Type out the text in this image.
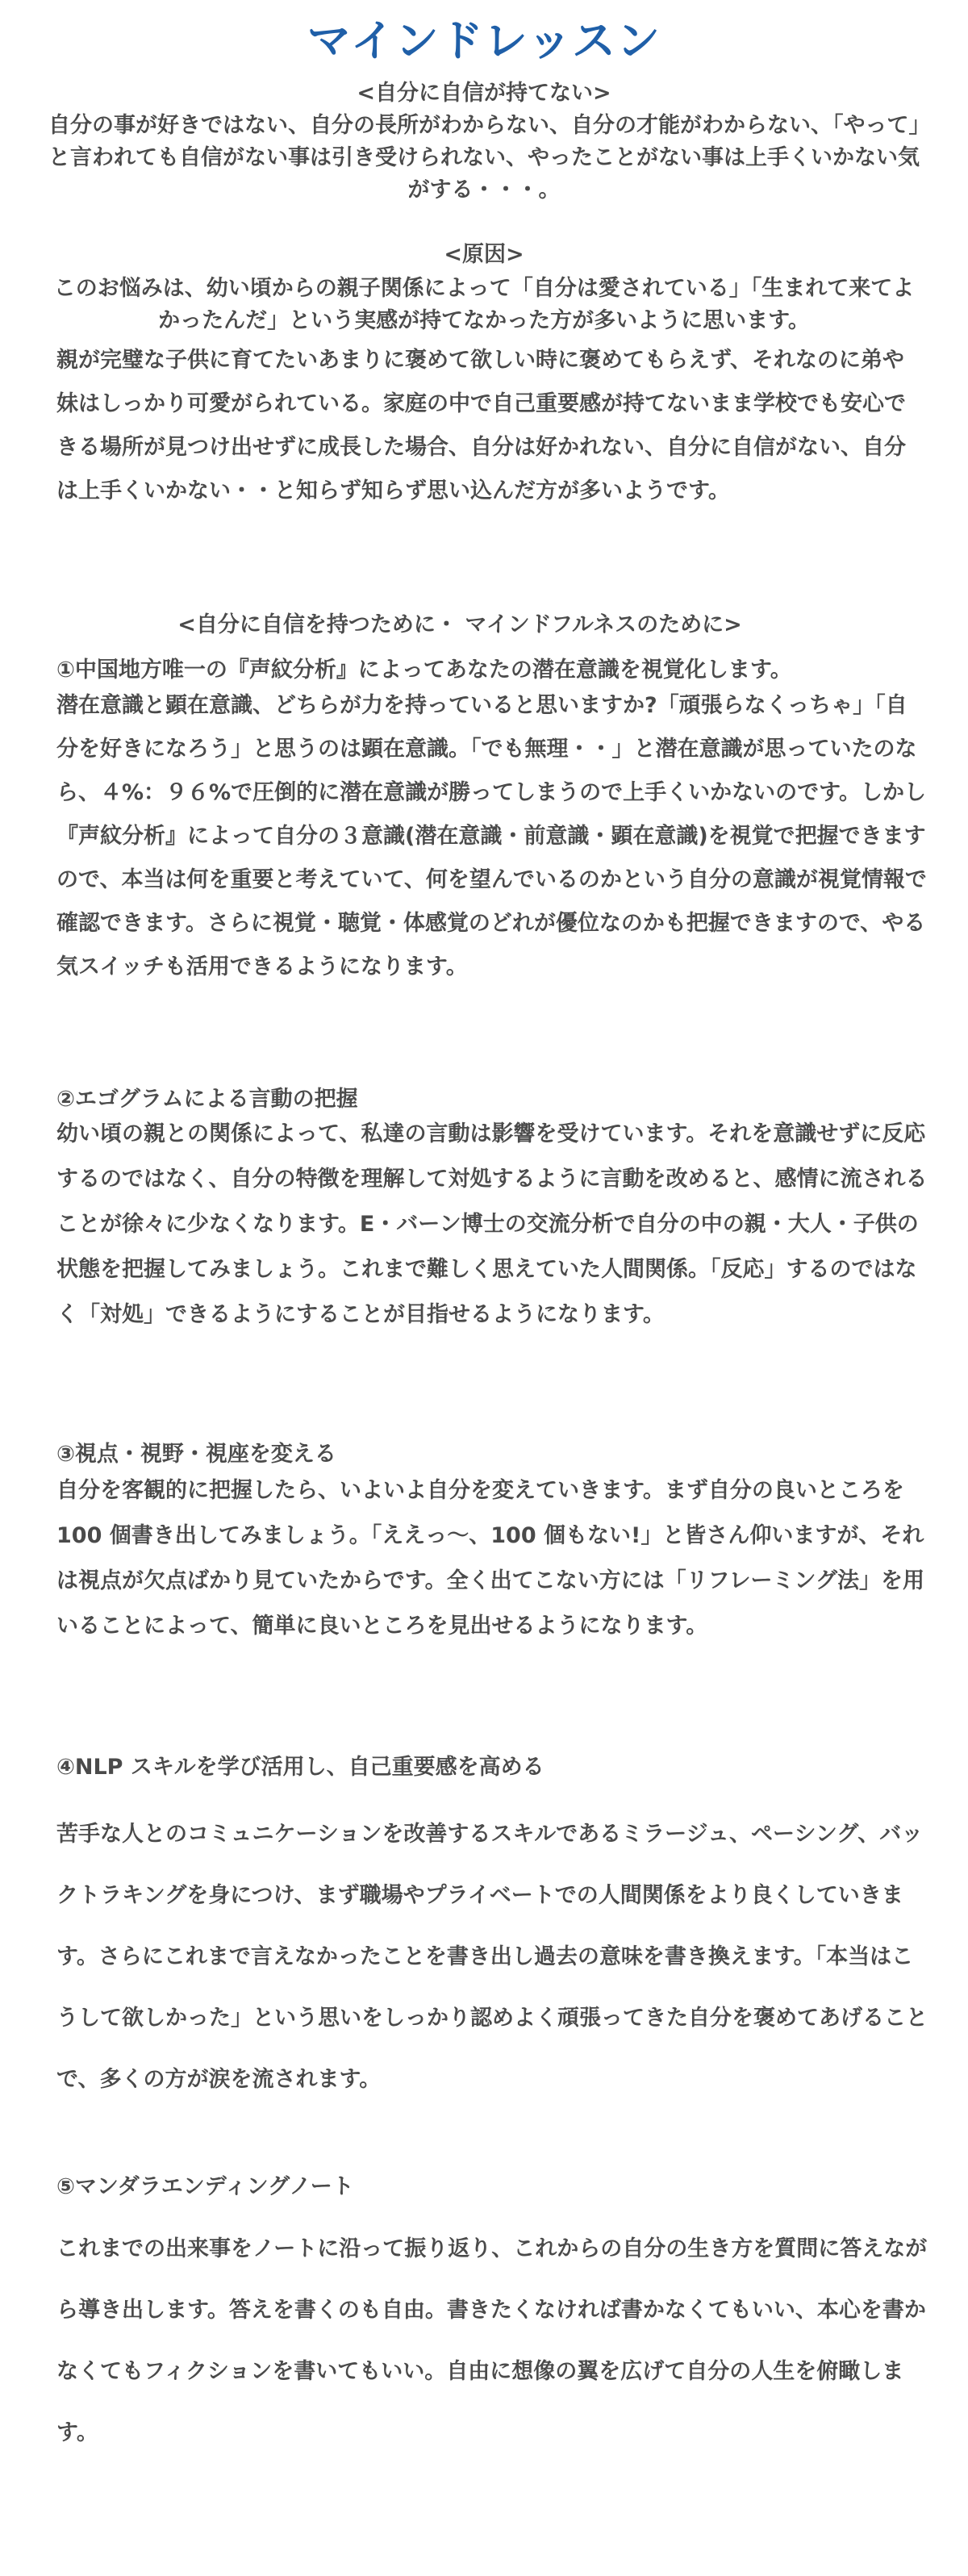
マインドレッスン

<自分に自信が持てない>

自分の事が好きではない、自分の長所がわからない、自分の才能がわからない、「やって」と言われても自信がない事は引き受けられない、やったことがない事は上手くいかない気がする・・・。

<原因>

このお悩みは、幼い頃からの親子関係によって「自分は愛されている」「生まれて来てよかったんだ」という実感が持てなかった方が多いように思います。

親が完璧な子供に育てたいあまりに褒めて欲しい時に褒めてもらえず、それなのに弟や妹はしっかり可愛がられている。家庭の中で自己重要感が持てないまま学校でも安心できる場所が見つけ出せずに成長した場合、自分は好かれない、自分に自信がない、自分は上手くいかない・・と知らず知らず思い込んだ方が多いようです。

<自分に自信を持つために・ マインドフルネスのために>

①中国地方唯一の『声紋分析』によってあなたの潜在意識を視覚化します。

潜在意識と顕在意識、どちらが力を持っていると思いますか?「頑張らなくっちゃ」「自分を好きになろう」と思うのは顕在意識。「でも無理・・」と潜在意識が思っていたのなら、４%：９６%で圧倒的に潜在意識が勝ってしまうので上手くいかないのです。しかし『声紋分析』によって自分の３意識(潜在意識・前意識・顕在意識)を視覚で把握できますので、本当は何を重要と考えていて、何を望んでいるのかという自分の意識が視覚情報で確認できます。さらに視覚・聴覚・体感覚のどれが優位なのかも把握できますので、やる気スイッチも活用できるようになります。

②エゴグラムによる言動の把握

幼い頃の親との関係によって、私達の言動は影響を受けています。それを意識せずに反応するのではなく、自分の特徴を理解して対処するように言動を改めると、感情に流されることが徐々に少なくなります。E・バーン博士の交流分析で自分の中の親・大人・子供の状態を把握してみましょう。これまで難しく思えていた人間関係。「反応」するのではなく「対処」できるようにすることが目指せるようになります。

③視点・視野・視座を変える

自分を客観的に把握したら、いよいよ自分を変えていきます。まず自分の良いところを 100 個書き出してみましょう。「ええっ～、100 個もない!」と皆さん仰いますが、それは視点が欠点ばかり見ていたからです。全く出てこない方には「リフレーミング法」を用いることによって、簡単に良いところを見出せるようになります。

④NLP スキルを学び活用し、自己重要感を高める

苦手な人とのコミュニケーションを改善するスキルであるミラージュ、ペーシング、バックトラキングを身につけ、まず職場やプライベートでの人間関係をより良くしていきます。さらにこれまで言えなかったことを書き出し過去の意味を書き換えます。「本当はこうして欲しかった」という思いをしっかり認めよく頑張ってきた自分を褒めてあげることで、多くの方が涙を流されます。

⑤マンダラエンディングノート

これまでの出来事をノートに沿って振り返り、これからの自分の生き方を質問に答えながら導き出します。答えを書くのも自由。書きたくなければ書かなくてもいい、本心を書かなくてもフィクションを書いてもいい。自由に想像の翼を広げて自分の人生を俯瞰します。
